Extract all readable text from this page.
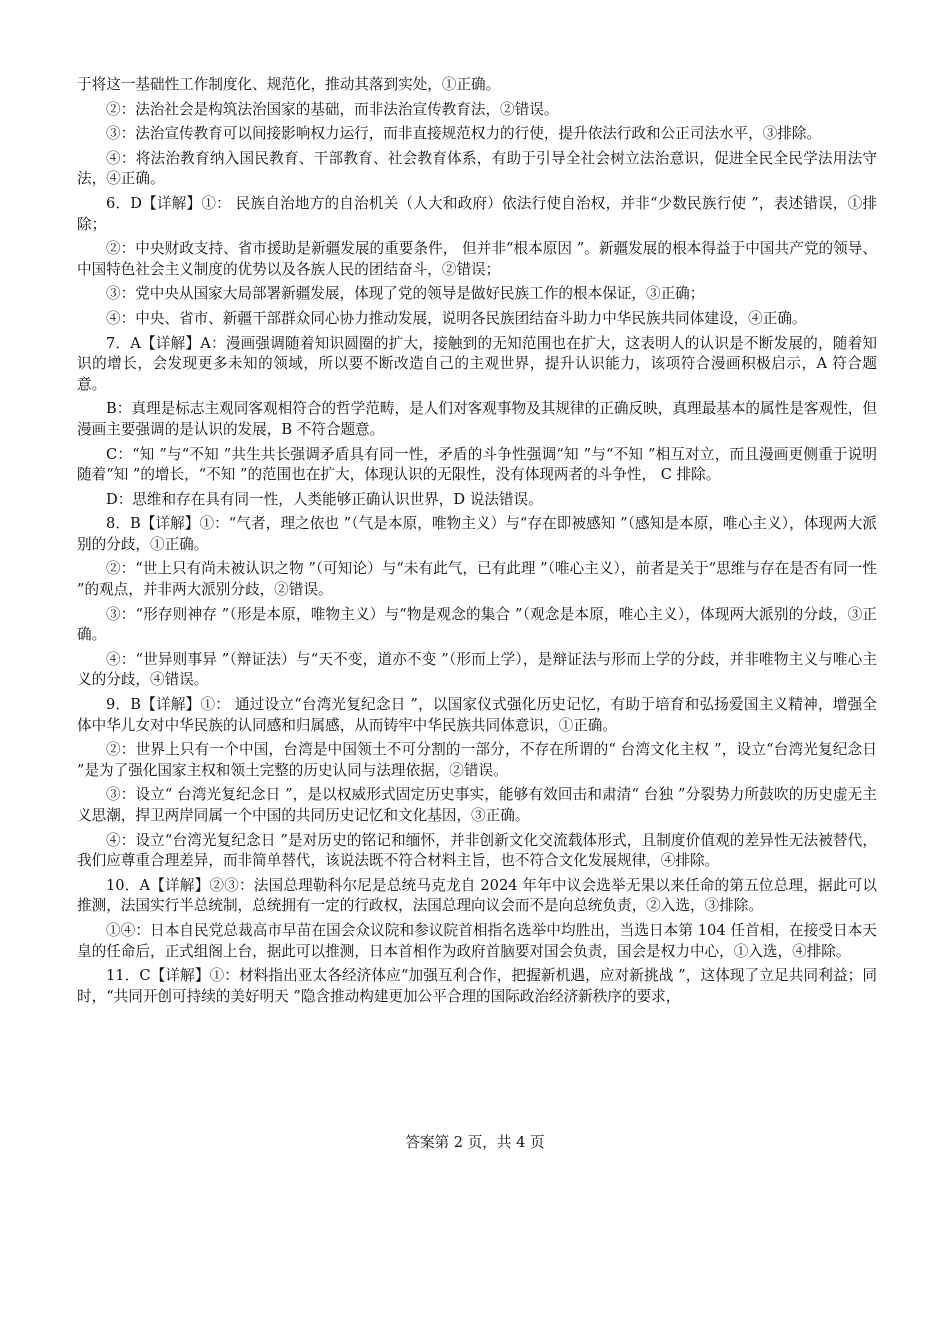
于将这一基础性工作制度化、规范化，推动其落到实处，①正确。

②：法治社会是构筑法治国家的基础，而非法治宣传教育法，②错误。

③：法治宣传教育可以间接影响权力运行，而非直接规范权力的行使，提升依法行政和公正司法水平，③排除。

④：将法治教育纳入国民教育、干部教育、社会教育体系，有助于引导全社会树立法治意识，促进全民全民学法用法守法，④正确。

6．D【详解】①： 民族自治地方的自治机关（人大和政府）依法行使自治权，并非“少数民族行使 ”，表述错误，①排除；

②：中央财政支持、省市援助是新疆发展的重要条件， 但并非“根本原因 ”。新疆发展的根本得益于中国共产党的领导、中国特色社会主义制度的优势以及各族人民的团结奋斗，②错误；

③：党中央从国家大局部署新疆发展，体现了党的领导是做好民族工作的根本保证，③正确；

④：中央、省市、新疆干部群众同心协力推动发展，说明各民族团结奋斗助力中华民族共同体建设，④正确。

7．A【详解】A：漫画强调随着知识圆圈的扩大，接触到的无知范围也在扩大，这表明人的认识是不断发展的，随着知识的增长，会发现更多未知的领域，所以要不断改造自己的主观世界，提升认识能力，该项符合漫画积极启示，A 符合题意。

B：真理是标志主观同客观相符合的哲学范畴，是人们对客观事物及其规律的正确反映，真理最基本的属性是客观性，但漫画主要强调的是认识的发展，B 不符合题意。

C：“知 ”与“不知 ”共生共长强调矛盾具有同一性，矛盾的斗争性强调“知 ”与“不知 ”相互对立，而且漫画更侧重于说明随着“知 ”的增长，“不知 ”的范围也在扩大，体现认识的无限性，没有体现两者的斗争性， C 排除。

D：思维和存在具有同一性，人类能够正确认识世界，D 说法错误。

8．B【详解】①：“气者，理之依也 ”（气是本原，唯物主义）与“存在即被感知 ”（感知是本原，唯心主义），体现两大派别的分歧，①正确。

②：“世上只有尚未被认识之物 ”（可知论）与“未有此气，已有此理 ”（唯心主义），前者是关于“思维与存在是否有同一性 ”的观点，并非两大派别分歧，②错误。

③：“形存则神存 ”（形是本原，唯物主义）与“物是观念的集合 ”（观念是本原，唯心主义），体现两大派别的分歧，③正确。

④：“世异则事异 ”（辩证法）与“天不变，道亦不变 ”（形而上学），是辩证法与形而上学的分歧，并非唯物主义与唯心主义的分歧，④错误。

9．B【详解】①： 通过设立“台湾光复纪念日 ”，以国家仪式强化历史记忆，有助于培育和弘扬爱国主义精神，增强全体中华儿女对中华民族的认同感和归属感，从而铸牢中华民族共同体意识，①正确。

②：世界上只有一个中国，台湾是中国领土不可分割的一部分，不存在所谓的“ 台湾文化主权 ”，设立“台湾光复纪念日 ”是为了强化国家主权和领土完整的历史认同与法理依据，②错误。

③：设立“ 台湾光复纪念日 ”，是以权威形式固定历史事实，能够有效回击和肃清“ 台独 ”分裂势力所鼓吹的历史虚无主义思潮，捍卫两岸同属一个中国的共同历史记忆和文化基因，③正确。

④：设立“台湾光复纪念日 ”是对历史的铭记和缅怀，并非创新文化交流载体形式，且制度价值观的差异性无法被替代，我们应尊重合理差异，而非简单替代，该说法既不符合材料主旨，也不符合文化发展规律，④排除。

10．A【详解】②③：法国总理勒科尔尼是总统马克龙自 2024 年年中议会选举无果以来任命的第五位总理，据此可以推测，法国实行半总统制，总统拥有一定的行政权，法国总理向议会而不是向总统负责，②入选，③排除。

①④：日本自民党总裁高市早苗在国会众议院和参议院首相指名选举中均胜出，当选日本第 104 任首相，在接受日本天皇的任命后，正式组阁上台，据此可以推测，日本首相作为政府首脑要对国会负责，国会是权力中心，①入选，④排除。

11．C【详解】①：材料指出亚太各经济体应“加强互利合作，把握新机遇，应对新挑战 ”，这体现了立足共同利益；同时，“共同开创可持续的美好明天 ”隐含推动构建更加公平合理的国际政治经济新秩序的要求，

答案第 2 页，共 4 页
